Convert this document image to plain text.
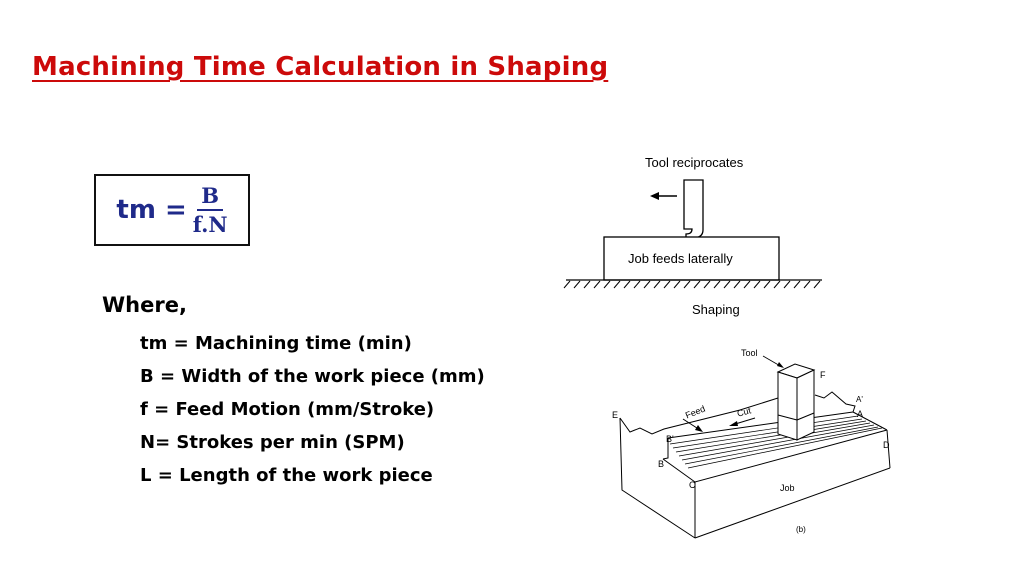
Machining Time Calculation in Shaping
tm = $\frac{B}{f.N}$
Where,
tm = Machining time (min)
B = Width of the work piece (mm)
f = Feed Motion (mm/Stroke)
N= Strokes per min (SPM)
L = Length of the work piece
Tool reciprocates
Job feeds laterally
Shaping
Tool
Feed	Cut
Job
(b)
E
F
A'
A
D
B'
B
C
